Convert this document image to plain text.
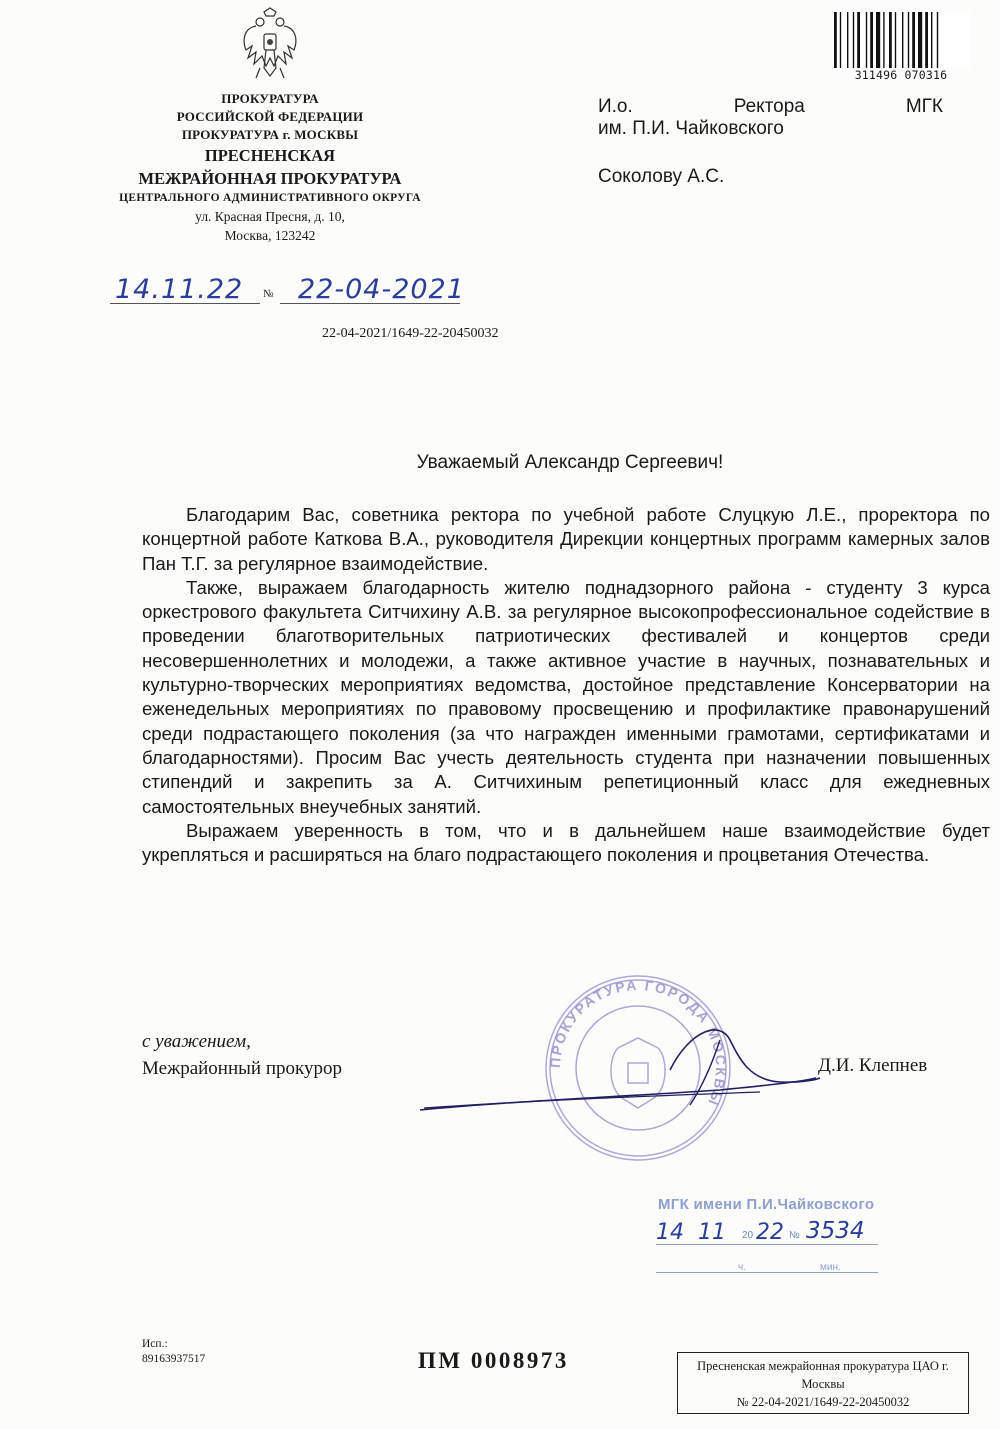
ПРОКУРАТУРА
РОССИЙСКОЙ ФЕДЕРАЦИИ
ПРОКУРАТУРА г. МОСКВЫ
ПРЕСНЕНСКАЯ
МЕЖРАЙОННАЯ ПРОКУРАТУРА
ЦЕНТРАЛЬНОГО АДМИНИСТРАТИВНОГО ОКРУГА
ул. Красная Пресня, д. 10,
Москва, 123242
311496 070316
И.о.	Ректора	МГК
им. П.И. Чайковского
Соколову А.С.
14.11.22 № 22-04-2021
22-04-2021/1649-22-20450032
Уважаемый Александр Сергеевич!

Благодарим Вас, советника ректора по учебной работе Слуцкую Л.Е., проректора по концертной работе Каткова В.А., руководителя Дирекции концертных программ камерных залов Пан Т.Г. за регулярное взаимодействие.

Также, выражаем благодарность жителю поднадзорного района - студенту 3 курса оркестрового факультета Ситчихину А.В. за регулярное высокопрофессиональное содействие в проведении благотворительных патриотических фестивалей и концертов среди несовершеннолетних и молодежи, а также активное участие в научных, познавательных и культурно-творческих мероприятиях ведомства, достойное представление Консерватории на еженедельных мероприятиях по правовому просвещению и профилактике правонарушений среди подрастающего поколения (за что награжден именными грамотами, сертификатами и благодарностями). Просим Вас учесть деятельность студента при назначении повышенных стипендий и закрепить за А. Ситчихиным репетиционный класс для ежедневных самостоятельных внеучебных занятий.

Выражаем уверенность в том, что и в дальнейшем наше взаимодействие будет укрепляться и расширяться на благо подрастающего поколения и процветания Отечества.

ПРОКУРАТУРА ГОРОДА МОСКВЫ
с уважением,
Межрайонный прокурор	Д.И. Клепнев
МГК имени П.И.Чайковского
14 11 20 22 № 3534
ч.	мин.
Исп.:
89163937517	ПМ 0008973	Пресненская межрайонная прокуратура ЦАО г.
Москвы
№ 22-04-2021/1649-22-20450032
